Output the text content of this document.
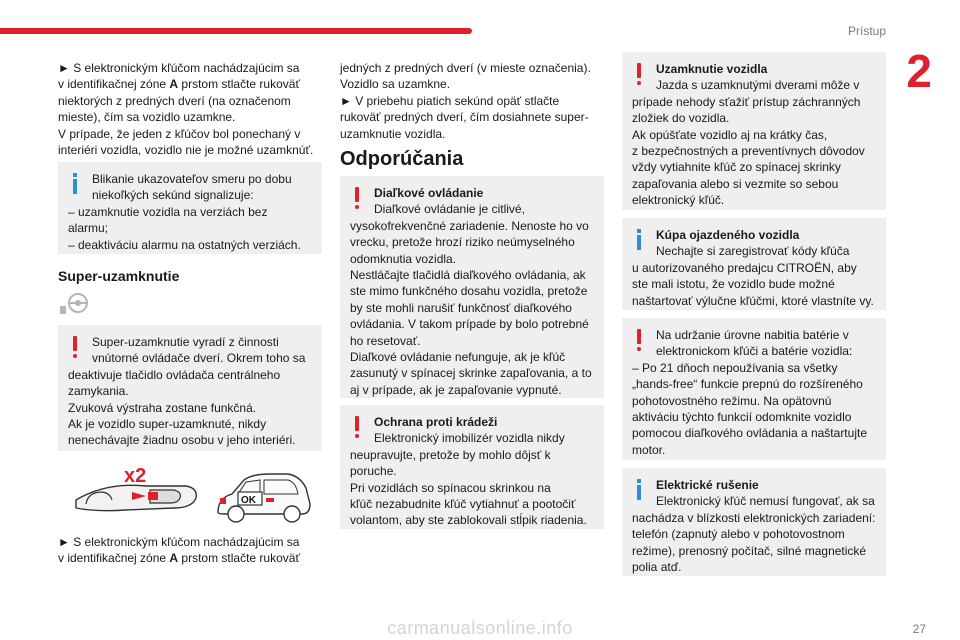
Prístup
2
► S elektronickým kľúčom nachádzajúcim sa
v identifikačnej zóne A prstom stlačte rukoväť
niektorých z predných dverí (na označenom
mieste), čím sa vozidlo uzamkne.
V prípade, že jeden z kľúčov bol ponechaný v
interiéri vozidla, vozidlo nie je možné uzamknúť.
Blikanie ukazovateľov smeru po dobu
niekoľkých sekúnd signalizuje:
– uzamknutie vozidla na verziách bez
alarmu;
– deaktiváciu alarmu na ostatných verziách.
Super-uzamknutie
Super-uzamknutie vyradí z činnosti
vnútorné ovládače dverí. Okrem toho sa
deaktivuje tlačidlo ovládača centrálneho
zamykania.
Zvuková výstraha zostane funkčná.
Ak je vozidlo super-uzamknuté, nikdy
nenechávajte žiadnu osobu v jeho interiéri.
x2
OK
► S elektronickým kľúčom nachádzajúcim sa
v identifikačnej zóne A prstom stlačte rukoväť
jedných z predných dverí (v mieste označenia).
Vozidlo sa uzamkne.
► V priebehu piatich sekúnd opäť stlačte
rukoväť predných dverí, čím dosiahnete super-
uzamknutie vozidla.
Odporúčania
Diaľkové ovládanie
Diaľkové ovládanie je citlivé,
vysokofrekvenčné zariadenie. Nenoste ho vo
vrecku, pretože hrozí riziko neúmyselného
odomknutia vozidla.
Nestláčajte tlačidlá diaľkového ovládania, ak
ste mimo funkčného dosahu vozidla, pretože
by ste mohli narušiť funkčnosť diaľkového
ovládania. V takom prípade by bolo potrebné
ho resetovať.
Diaľkové ovládanie nefunguje, ak je kľúč
zasunutý v spínacej skrinke zapaľovania, a to
aj v prípade, ak je zapaľovanie vypnuté.
Ochrana proti krádeži
Elektronický imobilizér vozidla nikdy
neupravujte, pretože by mohlo dôjsť k
poruche.
Pri vozidlách so spínacou skrinkou na
kľúč nezabudnite kľúč vytiahnuť a pootočiť
volantom, aby ste zablokovali stĺpik riadenia.
Uzamknutie vozidla
Jazda s uzamknutými dverami môže v
prípade nehody sťažiť prístup záchranných
zložiek do vozidla.
Ak opúšťate vozidlo aj na krátky čas,
z bezpečnostných a preventívnych dôvodov
vždy vytiahnite kľúč zo spínacej skrinky
zapaľovania alebo si vezmite so sebou
elektronický kľúč.
Kúpa ojazdeného vozidla
Nechajte si zaregistrovať kódy kľúča
u autorizovaného predajcu CITROËN, aby
ste mali istotu, že vozidlo bude možné
naštartovať výlučne kľúčmi, ktoré vlastníte vy.
Na udržanie úrovne nabitia batérie v
elektronickom kľúči a batérie vozidla:
– Po 21 dňoch nepoužívania sa všetky
„hands-free“ funkcie prepnú do rozšíreného
pohotovostného režimu. Na opätovnú
aktiváciu týchto funkcií odomknite vozidlo
pomocou diaľkového ovládania a naštartujte
motor.
Elektrické rušenie
Elektronický kľúč nemusí fungovať, ak sa
nachádza v blízkosti elektronických zariadení:
telefón (zapnutý alebo v pohotovostnom
režime), prenosný počítač, silné magnetické
polia atď.
carmanualsonline.info	27
